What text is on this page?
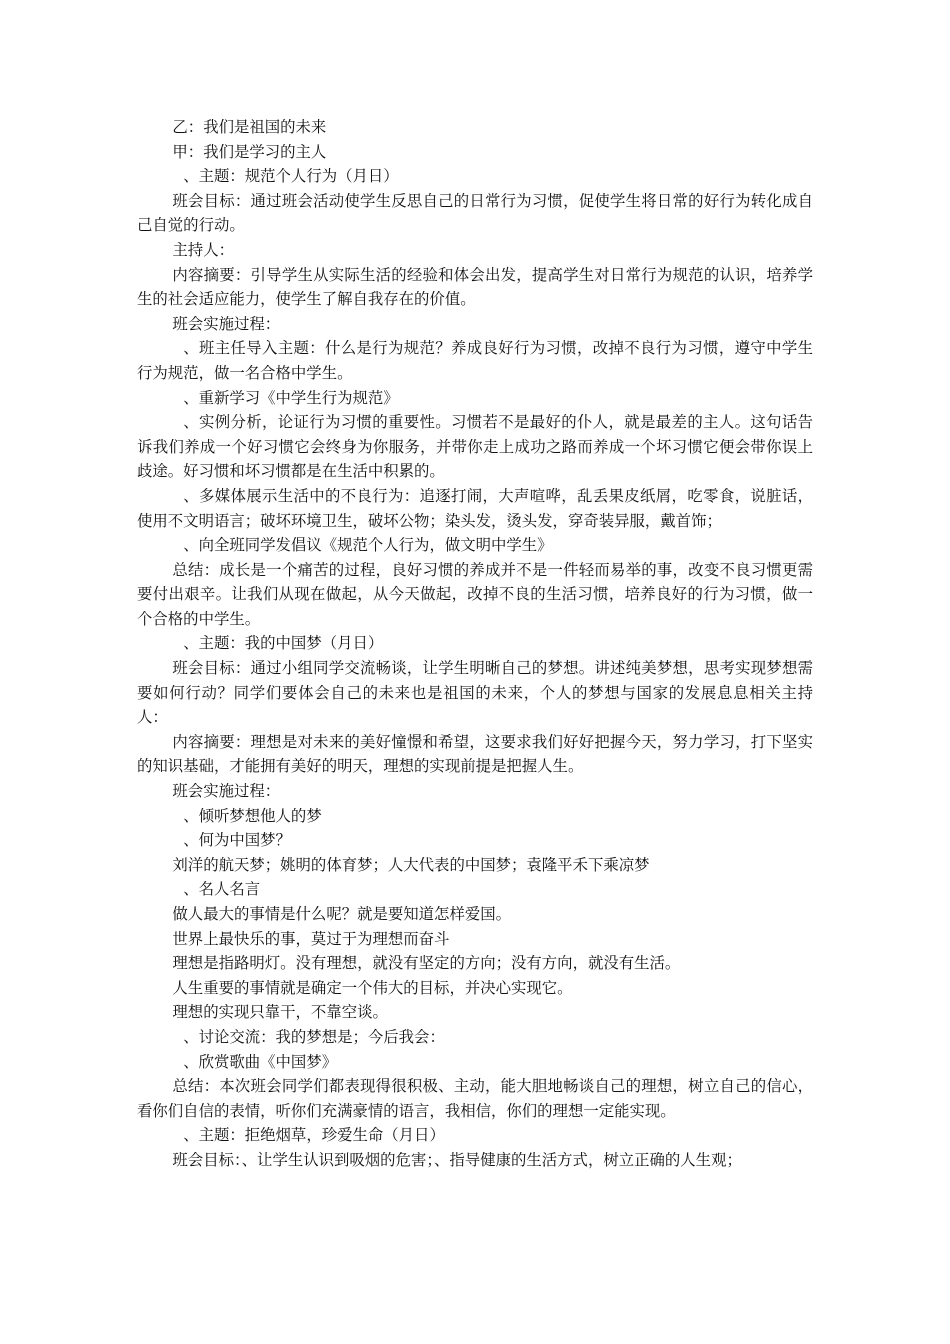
乙：我们是祖国的未来

甲：我们是学习的主人

、主题：规范个人行为（月日）

班会目标：通过班会活动使学生反思自己的日常行为习惯，促使学生将日常的好行为转化成自己自觉的行动。

主持人：

内容摘要：引导学生从实际生活的经验和体会出发，提高学生对日常行为规范的认识，培养学生的社会适应能力，使学生了解自我存在的价值。

班会实施过程：

、班主任导入主题：什么是行为规范？养成良好行为习惯，改掉不良行为习惯，遵守中学生行为规范，做一名合格中学生。

、重新学习《中学生行为规范》

、实例分析，论证行为习惯的重要性。习惯若不是最好的仆人，就是最差的主人。这句话告诉我们养成一个好习惯它会终身为你服务，并带你走上成功之路而养成一个坏习惯它便会带你误上歧途。好习惯和坏习惯都是在生活中积累的。

、多媒体展示生活中的不良行为：追逐打闹，大声喧哗，乱丢果皮纸屑，吃零食，说脏话，使用不文明语言；破坏环境卫生，破坏公物；染头发，烫头发，穿奇装异服，戴首饰；

、向全班同学发倡议《规范个人行为，做文明中学生》

总结：成长是一个痛苦的过程，良好习惯的养成并不是一件轻而易举的事，改变不良习惯更需要付出艰辛。让我们从现在做起，从今天做起，改掉不良的生活习惯，培养良好的行为习惯，做一个合格的中学生。

、主题：我的中国梦（月日）

班会目标：通过小组同学交流畅谈，让学生明晰自己的梦想。讲述纯美梦想，思考实现梦想需要如何行动？同学们要体会自己的未来也是祖国的未来，个人的梦想与国家的发展息息相关主持人：

内容摘要：理想是对未来的美好憧憬和希望，这要求我们好好把握今天，努力学习，打下坚实的知识基础，才能拥有美好的明天，理想的实现前提是把握人生。

班会实施过程：

、倾听梦想他人的梦

、何为中国梦？

刘洋的航天梦；姚明的体育梦；人大代表的中国梦；袁隆平禾下乘凉梦

、名人名言

做人最大的事情是什么呢？就是要知道怎样爱国。

世界上最快乐的事，莫过于为理想而奋斗

理想是指路明灯。没有理想，就没有坚定的方向；没有方向，就没有生活。

人生重要的事情就是确定一个伟大的目标，并决心实现它。

理想的实现只靠干，不靠空谈。

、讨论交流：我的梦想是；今后我会：

、欣赏歌曲《中国梦》

总结：本次班会同学们都表现得很积极、主动，能大胆地畅谈自己的理想，树立自己的信心，看你们自信的表情，听你们充满豪情的语言，我相信，你们的理想一定能实现。

、主题：拒绝烟草，珍爱生命（月日）

班会目标：、让学生认识到吸烟的危害；、指导健康的生活方式，树立正确的人生观；
